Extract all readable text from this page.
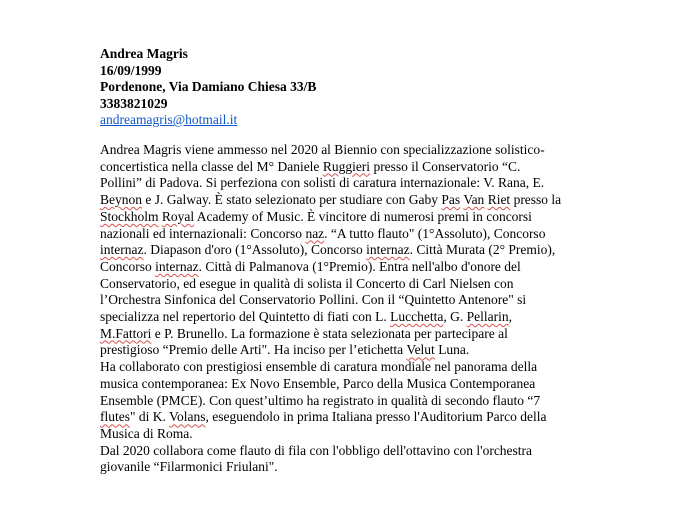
Andrea Magris
16/09/1999
Pordenone, Via Damiano Chiesa 33/B
3383821029
andreamagris@hotmail.it
Andrea Magris viene ammesso nel 2020 al Biennio con specializzazione solistico-
concertistica nella classe del M° Daniele Ruggieri presso il Conservatorio “C.
Pollini” di Padova. Si perfeziona con solisti di caratura internazionale: V. Rana, E.
Beynon e J. Galway. È stato selezionato per studiare con Gaby Pas Van Riet presso la
Stockholm Royal Academy of Music. È vincitore di numerosi premi in concorsi
nazionali ed internazionali: Concorso naz. “A tutto flauto" (1°Assoluto), Concorso
internaz. Diapason d'oro (1°Assoluto), Concorso internaz. Città Murata (2° Premio),
Concorso internaz. Città di Palmanova (1°Premio). Entra nell'albo d'onore del
Conservatorio, ed esegue in qualità di solista il Concerto di Carl Nielsen con
l’Orchestra Sinfonica del Conservatorio Pollini. Con il “Quintetto Antenore" si
specializza nel repertorio del Quintetto di fiati con L. Lucchetta, G. Pellarin,
M.Fattori e P. Brunello. La formazione è stata selezionata per partecipare al
prestigioso “Premio delle Arti". Ha inciso per l’etichetta Velut Luna.
Ha collaborato con prestigiosi ensemble di caratura mondiale nel panorama della
musica contemporanea: Ex Novo Ensemble, Parco della Musica Contemporanea
Ensemble (PMCE). Con quest’ultimo ha registrato in qualità di secondo flauto “7
flutes" di K. Volans, eseguendolo in prima Italiana presso l'Auditorium Parco della
Musica di Roma.
Dal 2020 collabora come flauto di fila con l'obbligo dell'ottavino con l'orchestra
giovanile “Filarmonici Friulani".
